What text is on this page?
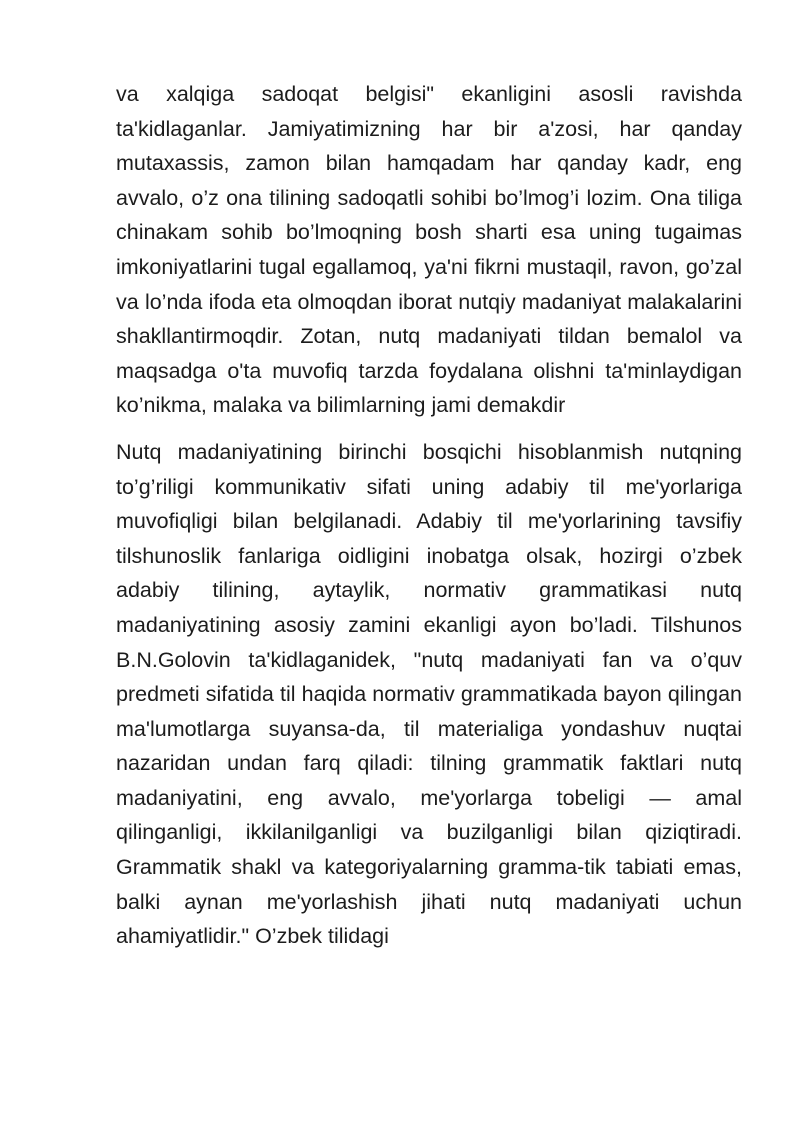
va xalqiga sadoqat belgisi" ekanligini asosli ravishda ta'kidlaganlar. Jamiyatimizning har bir a'zosi, har qanday mutaxassis, zamon bilan hamqadam har qanday kadr, eng avvalo, o’z ona tilining sadoqatli sohibi bo’lmog’i lozim. Ona tiliga chinakam sohib bo’lmoqning bosh sharti esa uning tugaimas imkoniyatlarini tugal egallamoq, ya'ni fikrni mustaqil, ravon, go’zal va lo’nda ifoda eta olmoqdan iborat nutqiy madaniyat malakalarini shakllantirmoqdir. Zotan, nutq madaniyati tildan bemalol va maqsadga o'ta muvofiq tarzda foydalana olishni ta'minlaydigan ko’nikma, malaka va bilimlarning jami demakdir

Nutq madaniyatining birinchi bosqichi hisoblanmish nutqning to’g’riligi kommunikativ sifati uning adabiy til me'yorlariga muvofiqligi bilan belgilanadi. Adabiy til me'yorlarining tavsifiy tilshunoslik fanlariga oidligini inobatga olsak, hozirgi o’zbek adabiy tilining, aytaylik, normativ grammatikasi nutq madaniyatining asosiy zamini ekanligi ayon bo’ladi. Tilshunos B.N.Golovin ta'kidlaganidek, "nutq madaniyati fan va o’quv predmeti sifatida til haqida normativ grammatikada bayon qilingan ma'lumotlarga suyansa-da, til materialiga yondashuv nuqtai nazaridan undan farq qiladi: tilning grammatik faktlari nutq madaniyatini, eng avvalo, me'yorlarga tobeligi — amal qilinganligi, ikkilanilganligi va buzilganligi bilan qiziqtiradi. Grammatik shakl va kategoriyalarning gramma-tik tabiati emas, balki aynan me'yorlashish jihati nutq madaniyati uchun ahamiyatlidir." O’zbek tilidagi
